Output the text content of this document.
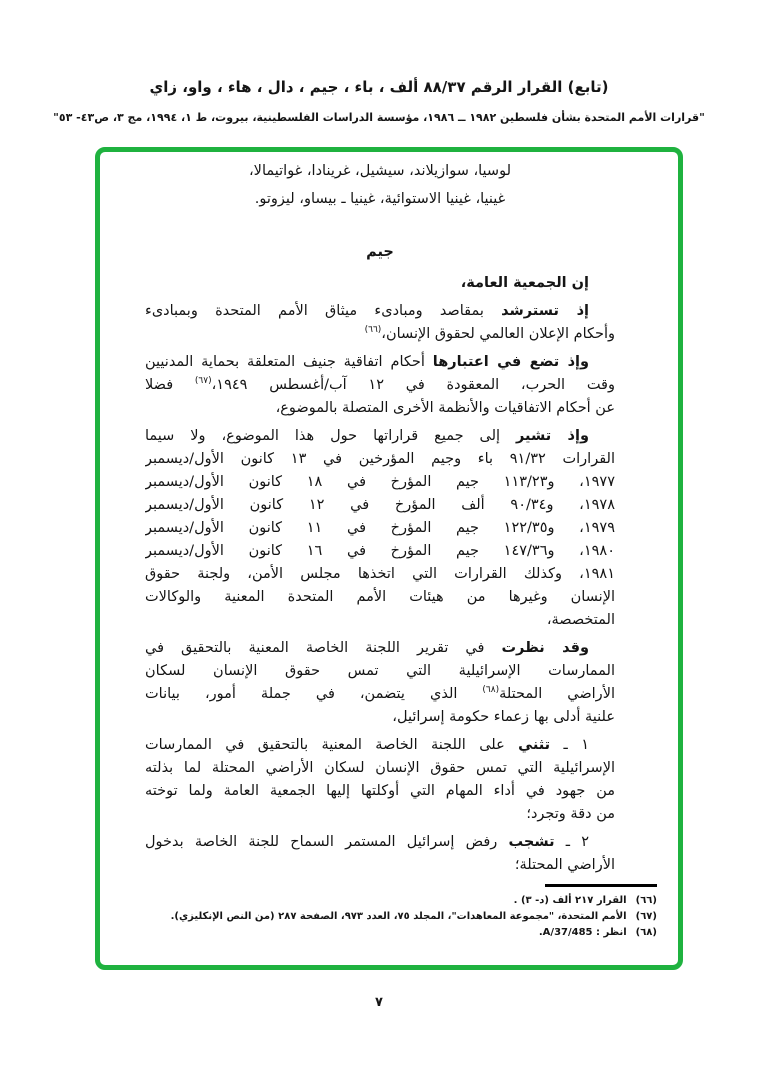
(تابع) القرار الرقم ٨٨/٣٧ ألف ، باء ، جيم ، دال ، هاء ، واو، زاي
"قرارات الأمم المتحدة بشأن فلسطين ١٩٨٢ ــ ١٩٨٦، مؤسسة الدراسات الفلسطينية، بيروت، ط ١، ١٩٩٤، مج ٣، ص٤٣- ٥٣"
لوسيا، سوازيلاند، سيشيل، غرينادا، غواتيمالا،
غينيا، غينيا الاستوائية، غينيا ـ بيساو، ليزوتو.
جيم
إن الجمعية العامة،
إذ تسترشد بمقاصد ومبادىء ميثاق الأمم المتحدة وبمبادىء
وأحكام الإعلان العالمي لحقوق الإنسان،$^{(٦٦)}$
وإذ تضع في اعتبارها أحكام اتفاقية جنيف المتعلقة بحماية المدنيين
وقت الحرب، المعقودة في ١٢ آب/أغسطس ١٩٤٩،$^{(٦٧)}$ فضلا
عن أحكام الاتفاقيات والأنظمة الأخرى المتصلة بالموضوع،
وإذ تشير إلى جميع قراراتها حول هذا الموضوع، ولا سيما
القرارات ٩١/٣٢ باء وجيم المؤرخين في ١٣ كانون الأول/ديسمبر
١٩٧٧، و١١٣/٢٣ جيم المؤرخ في ١٨ كانون الأول/ديسمبر
١٩٧٨، و٩٠/٣٤ ألف المؤرخ في ١٢ كانون الأول/ديسمبر
١٩٧٩، و١٢٢/٣٥ جيم المؤرخ في ١١ كانون الأول/ديسمبر
١٩٨٠، و١٤٧/٣٦ جيم المؤرخ في ١٦ كانون الأول/ديسمبر
١٩٨١، وكذلك القرارات التي اتخذها مجلس الأمن، ولجنة حقوق
الإنسان وغيرها من هيئات الأمم المتحدة المعنية والوكالات
المتخصصة،
وقد نظرت في تقرير اللجنة الخاصة المعنية بالتحقيق في
الممارسات الإسرائيلية التي تمس حقوق الإنسان لسكان
الأراضي المحتلة$^{(٦٨)}$ الذي يتضمن، في جملة أمور، بيانات
علنية أدلى بها زعماء حكومة إسرائيل،
١ ـ تثني على اللجنة الخاصة المعنية بالتحقيق في الممارسات
الإسرائيلية التي تمس حقوق الإنسان لسكان الأراضي المحتلة لما بذلته
من جهود في أداء المهام التي أوكلتها إليها الجمعية العامة ولما توخته
من دقة وتجرد؛
٢ ـ تشجب رفض إسرائيل المستمر السماح للجنة الخاصة بدخول
الأراضي المحتلة؛
(٦٦)القرار ٢١٧ ألف (د- ٣) .
(٦٧)الأمم المتحدة، "مجموعة المعاهدات"، المجلد ٧٥، العدد ٩٧٣، الصفحة ٢٨٧ (من النص الإنكليزي).
(٦٨)انظر : A/37/485.
٧
